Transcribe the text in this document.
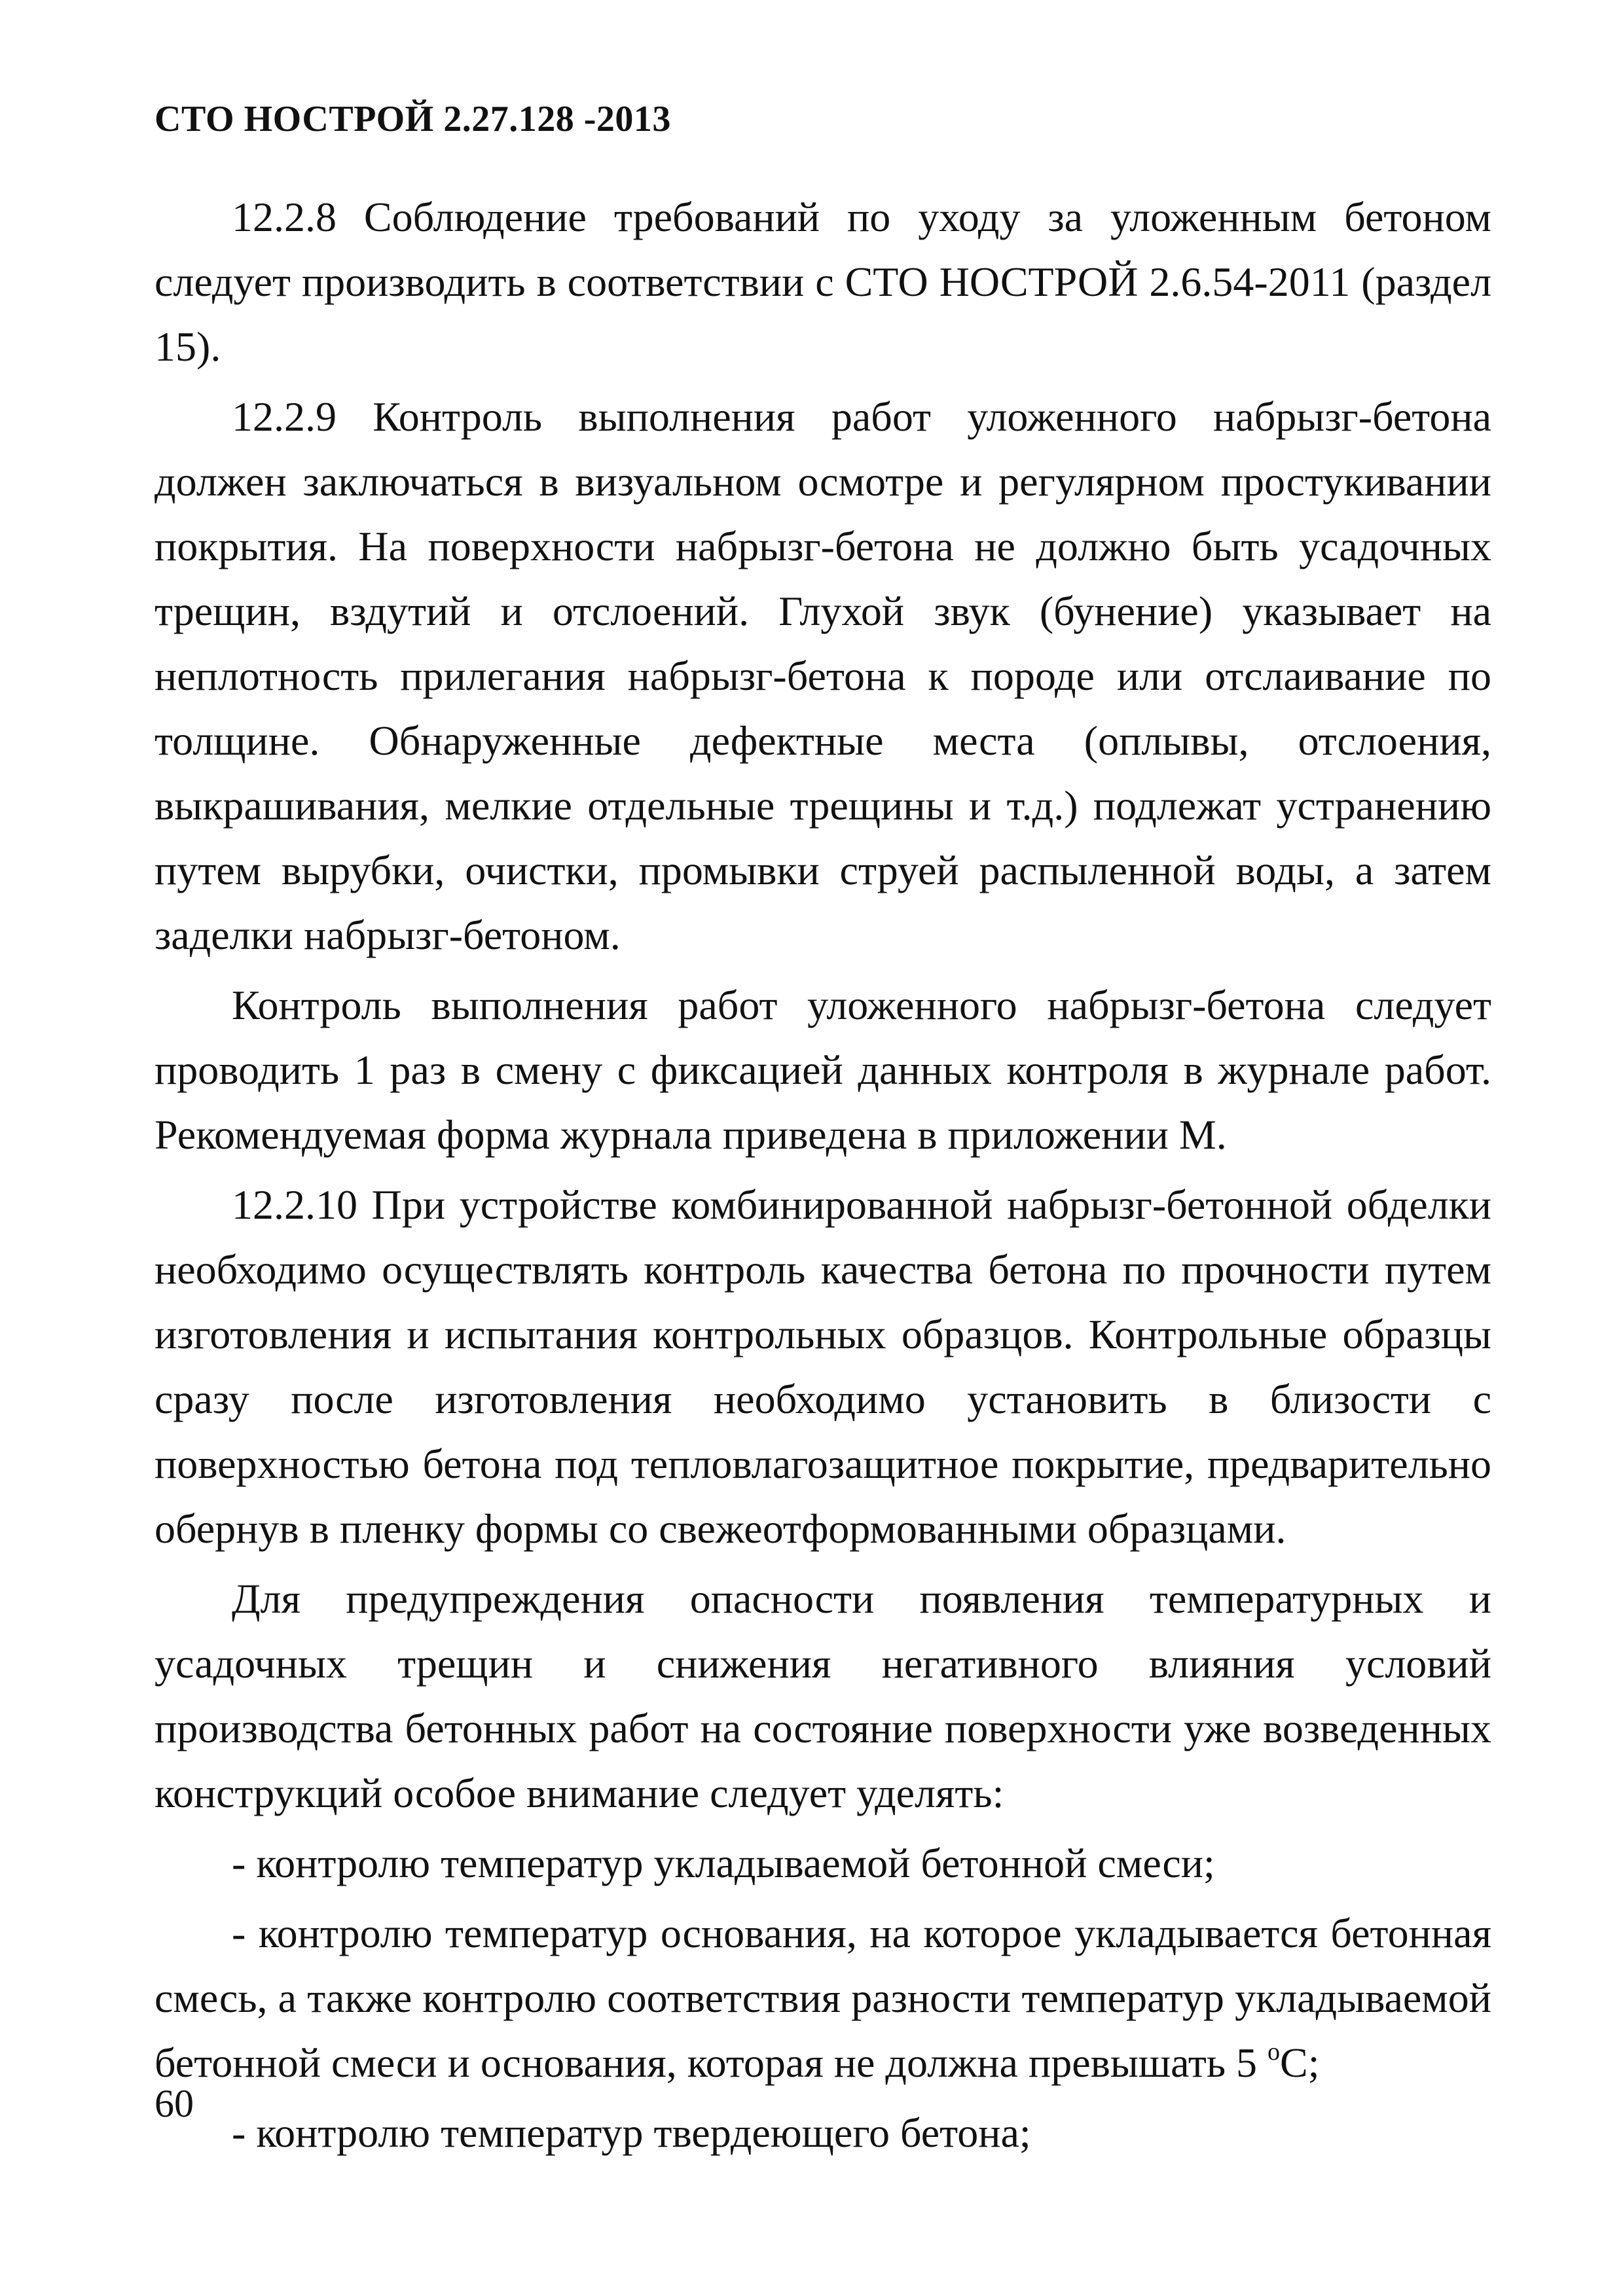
СТО НОСТРОЙ 2.27.128 -2013

12.2.8 Соблюдение требований по уходу за уложенным бетоном следует производить в соответствии с СТО НОСТРОЙ 2.6.54-2011 (раздел 15).

12.2.9 Контроль выполнения работ уложенного набрызг-бетона должен заключаться в визуальном осмотре и регулярном простукивании покрытия. На поверхности набрызг-бетона не должно быть усадочных трещин, вздутий и отслоений. Глухой звук (бунение) указывает на неплотность прилегания набрызг-бетона к породе или отслаивание по толщине. Обнаруженные дефектные места (оплывы, отслоения, выкрашивания, мелкие отдельные трещины и т.д.) подлежат устранению путем вырубки, очистки, промывки струей распыленной воды, а затем заделки набрызг-бетоном.

Контроль выполнения работ уложенного набрызг-бетона следует проводить 1 раз в смену с фиксацией данных контроля в журнале работ. Рекомендуемая форма журнала приведена в приложении М.

12.2.10 При устройстве комбинированной набрызг-бетонной обделки необходимо осуществлять контроль качества бетона по прочности путем изготовления и испытания контрольных образцов. Контрольные образцы сразу после изготовления необходимо установить в близости с поверхностью бетона под тепловлагозащитное покрытие, предварительно обернув в пленку формы со свежеотформованными образцами.

Для предупреждения опасности появления температурных и усадочных трещин и снижения негативного влияния условий производства бетонных работ на состояние поверхности уже возведенных конструкций особое внимание следует уделять:

- контролю температур укладываемой бетонной смеси;

- контролю температур основания, на которое укладывается бетонная смесь, а также контролю соответствия разности температур укладываемой бетонной смеси и основания, которая не должна превышать 5 $^o$C;

- контролю температур твердеющего бетона;

60
